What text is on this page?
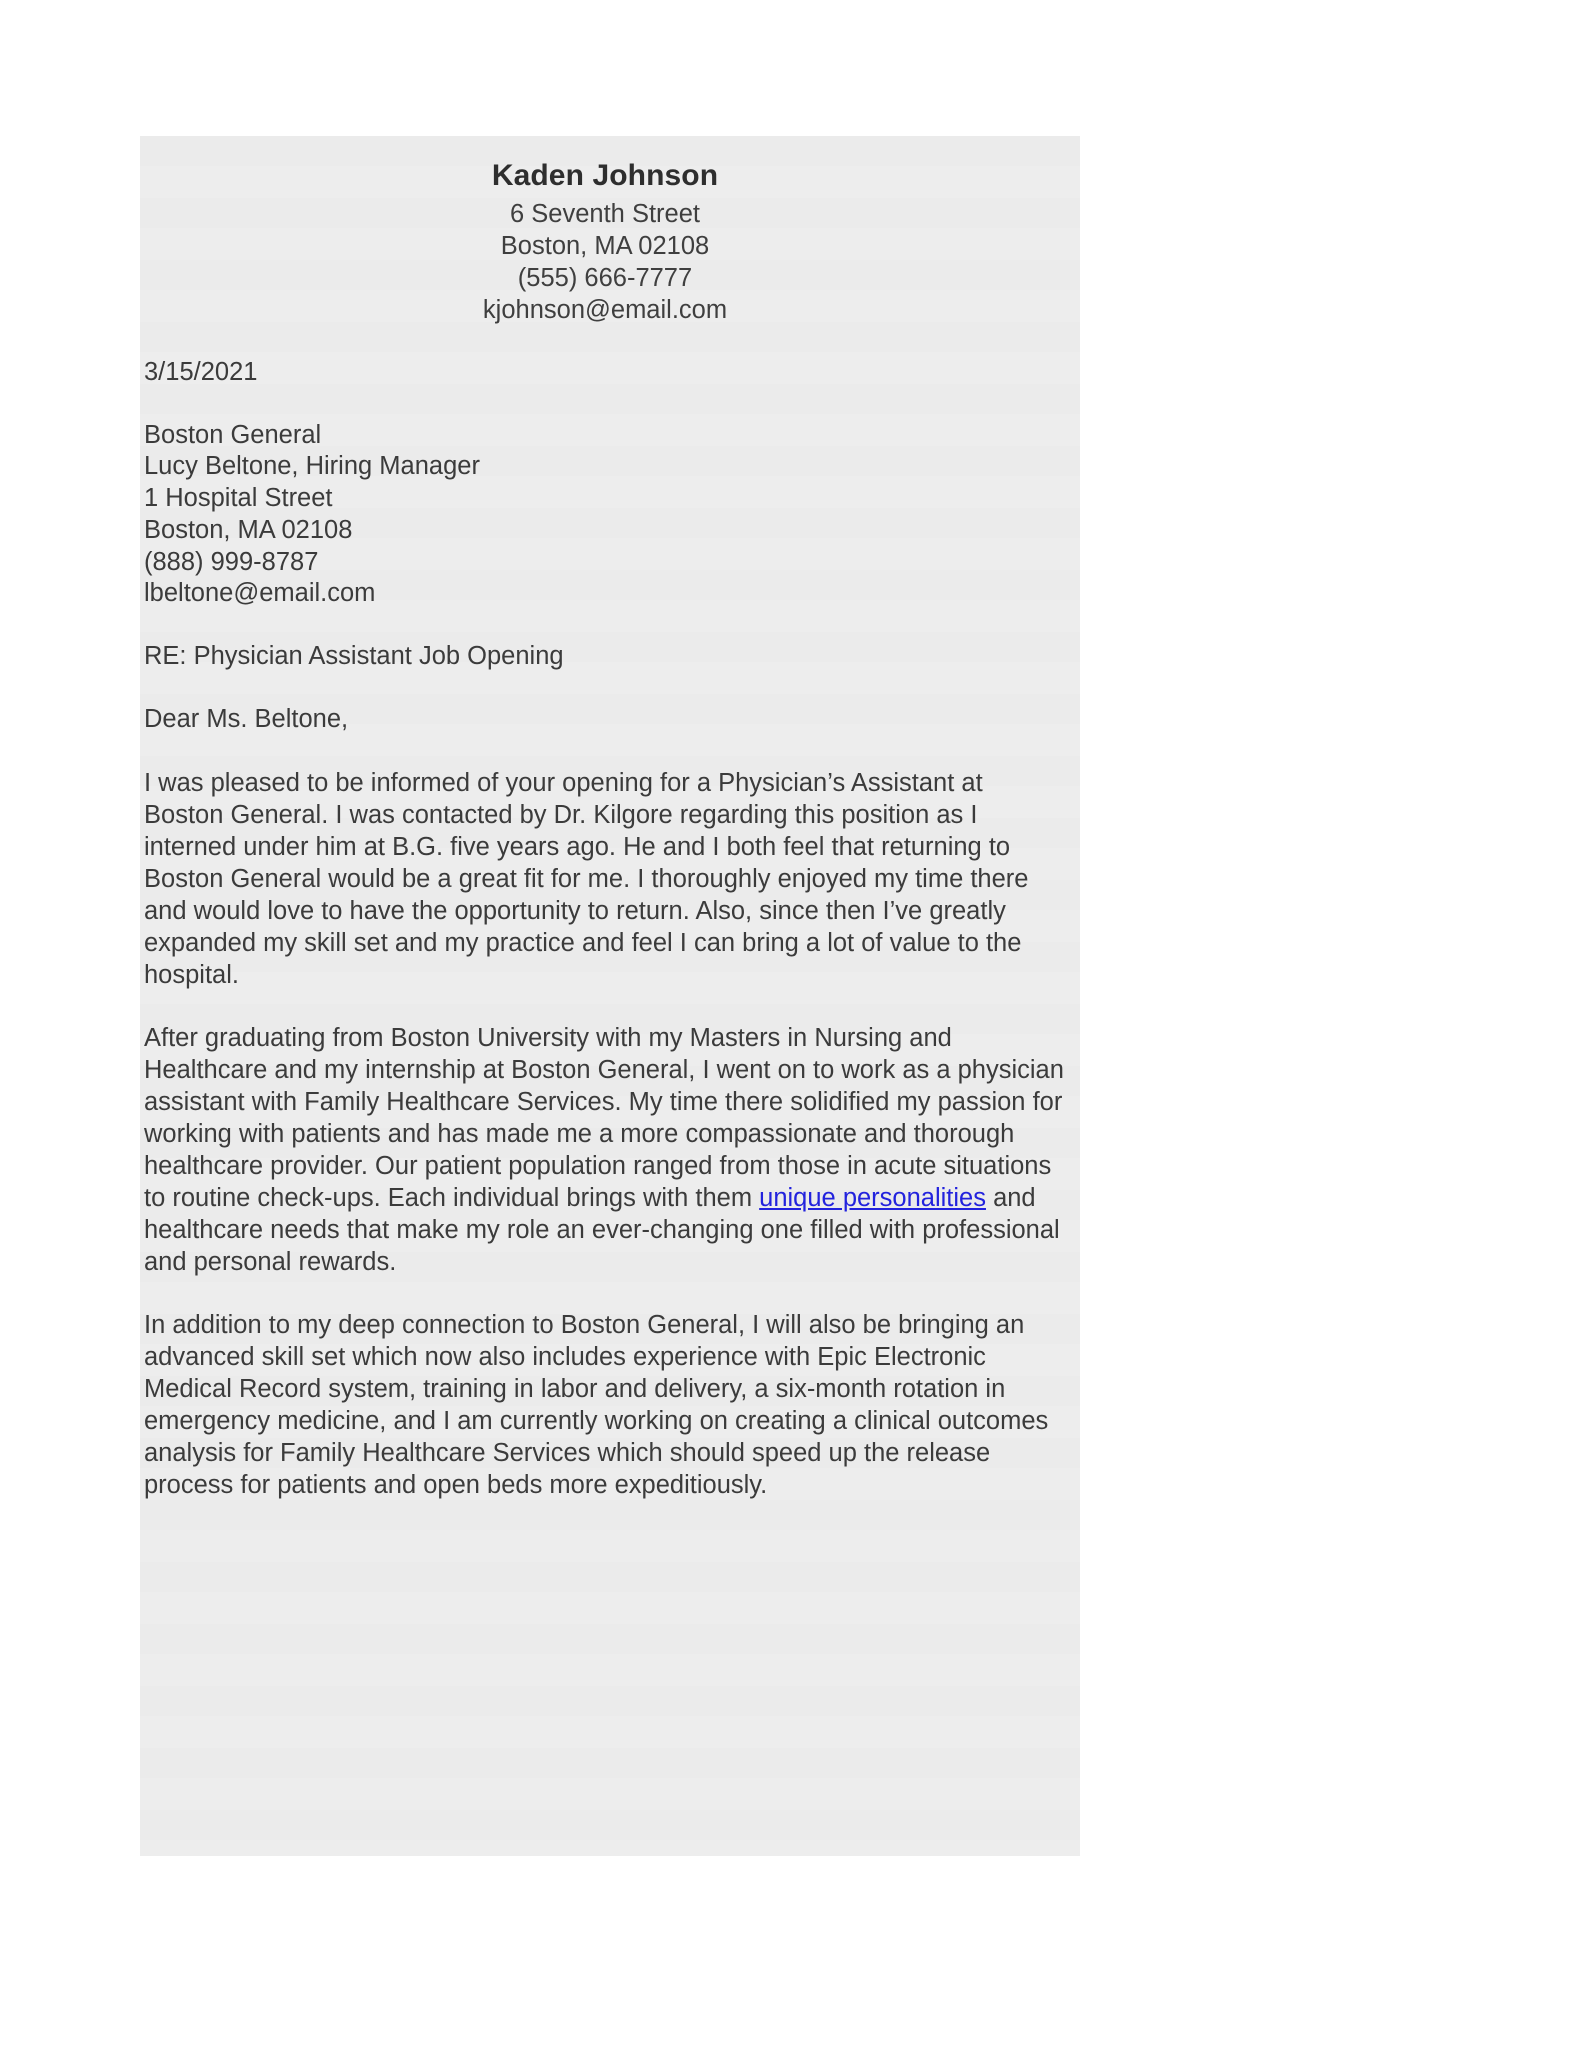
Kaden Johnson
6 Seventh Street
Boston, MA 02108
(555) 666-7777
kjohnson@email.com
3/15/2021
Boston General
Lucy Beltone, Hiring Manager
1 Hospital Street
Boston, MA 02108
(888) 999-8787
lbeltone@email.com
RE: Physician Assistant Job Opening
Dear Ms. Beltone,

I was pleased to be informed of your opening for a Physician’s Assistant at Boston General. I was contacted by Dr. Kilgore regarding this position as I interned under him at B.G. five years ago. He and I both feel that returning to Boston General would be a great fit for me. I thoroughly enjoyed my time there and would love to have the opportunity to return. Also, since then I’ve greatly expanded my skill set and my practice and feel I can bring a lot of value to the hospital.

After graduating from Boston University with my Masters in Nursing and Healthcare and my internship at Boston General, I went on to work as a physician assistant with Family Healthcare Services. My time there solidified my passion for working with patients and has made me a more compassionate and thorough healthcare provider. Our patient population ranged from those in acute situations to routine check-ups. Each individual brings with them unique personalities and healthcare needs that make my role an ever-changing one filled with professional and personal rewards.

In addition to my deep connection to Boston General, I will also be bringing an advanced skill set which now also includes experience with Epic Electronic Medical Record system, training in labor and delivery, a six-month rotation in emergency medicine, and I am currently working on creating a clinical outcomes analysis for Family Healthcare Services which should speed up the release process for patients and open beds more expeditiously.
